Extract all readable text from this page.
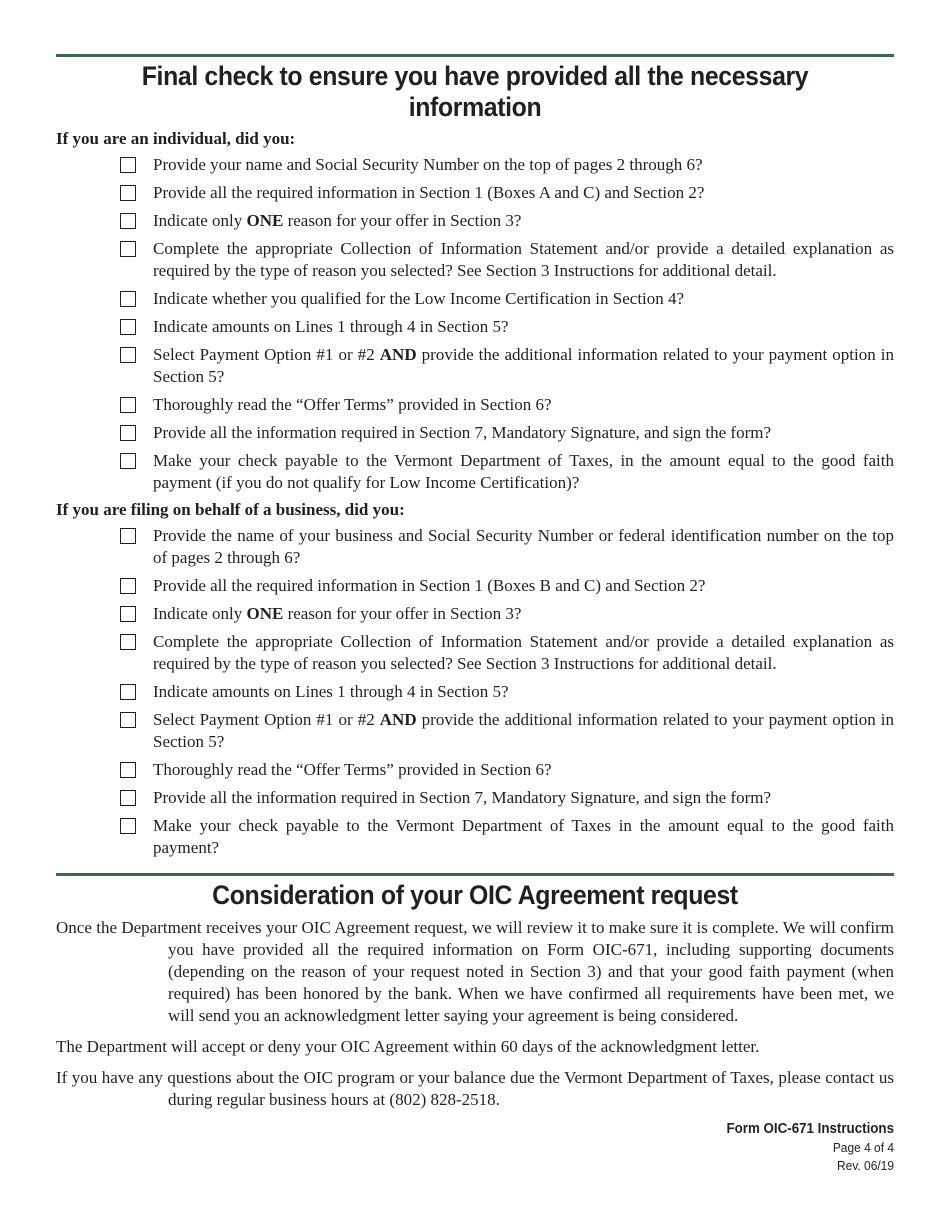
Final check to ensure you have provided all the necessary information
If you are an individual, did you:
Provide your name and Social Security Number on the top of pages 2 through 6?
Provide all the required information in Section 1 (Boxes A and C) and Section 2?
Indicate only ONE reason for your offer in Section 3?
Complete the appropriate Collection of Information Statement and/or provide a detailed explanation as required by the type of reason you selected? See Section 3 Instructions for additional detail.
Indicate whether you qualified for the Low Income Certification in Section 4?
Indicate amounts on Lines 1 through 4 in Section 5?
Select Payment Option #1 or #2 AND provide the additional information related to your payment option in Section 5?
Thoroughly read the “Offer Terms” provided in Section 6?
Provide all the information required in Section 7, Mandatory Signature, and sign the form?
Make your check payable to the Vermont Department of Taxes, in the amount equal to the good faith payment (if you do not qualify for Low Income Certification)?
If you are filing on behalf of a business, did you:
Provide the name of your business and Social Security Number or federal identification number on the top of pages 2 through 6?
Provide all the required information in Section 1 (Boxes B and C) and Section 2?
Indicate only ONE reason for your offer in Section 3?
Complete the appropriate Collection of Information Statement and/or provide a detailed explanation as required by the type of reason you selected? See Section 3 Instructions for additional detail.
Indicate amounts on Lines 1 through 4 in Section 5?
Select Payment Option #1 or #2 AND provide the additional information related to your payment option in Section 5?
Thoroughly read the “Offer Terms” provided in Section 6?
Provide all the information required in Section 7, Mandatory Signature, and sign the form?
Make your check payable to the Vermont Department of Taxes in the amount equal to the good faith payment?
Consideration of your OIC Agreement request

Once the Department receives your OIC Agreement request, we will review it to make sure it is complete. We will confirm you have provided all the required information on Form OIC-671, including supporting documents (depending on the reason of your request noted in Section 3) and that your good faith payment (when required) has been honored by the bank. When we have confirmed all requirements have been met, we will send you an acknowledgment letter saying your agreement is being considered.

The Department will accept or deny your OIC Agreement within 60 days of the acknowledgment letter.

If you have any questions about the OIC program or your balance due the Vermont Department of Taxes, please contact us during regular business hours at (802) 828-2518.

Form OIC-671 Instructions
Page 4 of 4
Rev. 06/19
